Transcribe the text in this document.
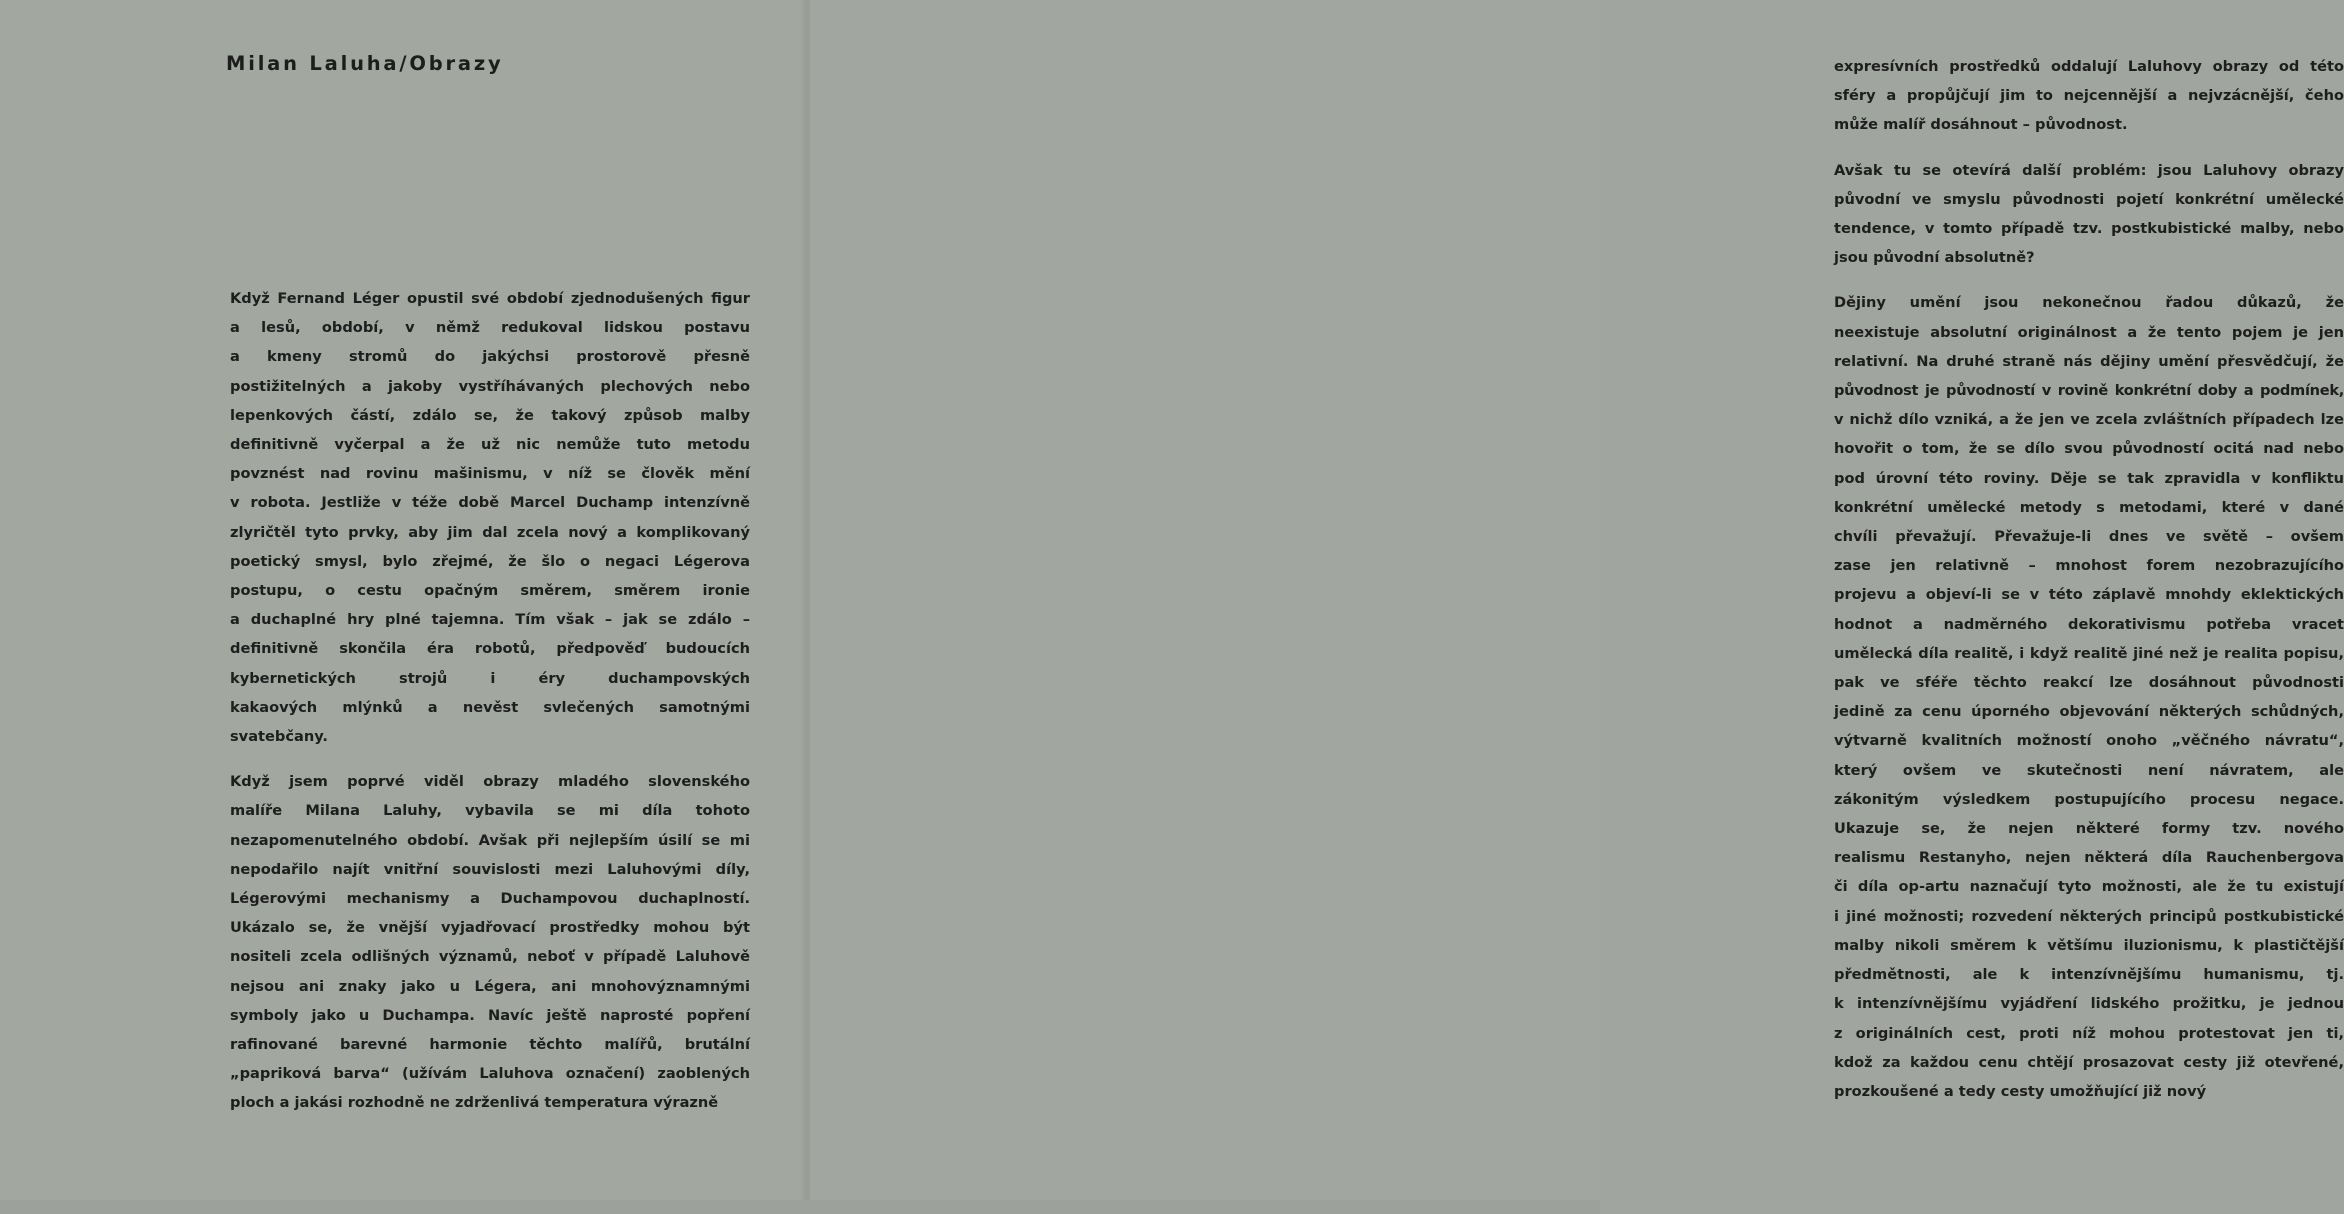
Milan Laluha/Obrazy

Když Fernand Léger opustil své období zjednodušených figur
a lesů, období, v němž redukoval lidskou postavu
a kmeny stromů do jakýchsi prostorově přesně
postižitelných a jakoby vystříhávaných plechových nebo
lepenkových částí, zdálo se, že takový způsob malby
definitivně vyčerpal a že už nic nemůže tuto metodu
povznést nad rovinu mašinismu, v níž se člověk mění
v robota. Jestliže v téže době Marcel Duchamp intenzívně
zlyričtěl tyto prvky, aby jim dal zcela nový a komplikovaný
poetický smysl, bylo zřejmé, že šlo o negaci Légerova
postupu, o cestu opačným směrem, směrem ironie
a duchaplné hry plné tajemna. Tím však – jak se zdálo –
definitivně skončila éra robotů, předpověď budoucích
kybernetických strojů i éry duchampovských
kakaových mlýnků a nevěst svlečených samotnými
svatebčany.

Když jsem poprvé viděl obrazy mladého slovenského
malíře Milana Laluhy, vybavila se mi díla tohoto
nezapomenutelného období. Avšak při nejlepším úsilí se mi
nepodařilo najít vnitřní souvislosti mezi Laluhovými díly,
Légerovými mechanismy a Duchampovou duchaplností.
Ukázalo se, že vnější vyjadřovací prostředky mohou být
nositeli zcela odlišných významů, neboť v případě Laluhově
nejsou ani znaky jako u Légera, ani mnohovýznamnými
symboly jako u Duchampa. Navíc ještě naprosté popření
rafinované barevné harmonie těchto malířů, brutální
„papriková barva“ (užívám Laluhova označení) zaoblených
ploch a jakási rozhodně ne zdrženlivá temperatura výrazně

expresívních prostředků oddalují Laluhovy obrazy od této
sféry a propůjčují jim to nejcennější a nejvzácnější, čeho
může malíř dosáhnout – původnost.

Avšak tu se otevírá další problém: jsou Laluhovy obrazy
původní ve smyslu původnosti pojetí konkrétní umělecké
tendence, v tomto případě tzv. postkubistické malby, nebo
jsou původní absolutně?

Dějiny umění jsou nekonečnou řadou důkazů, že
neexistuje absolutní originálnost a že tento pojem je jen
relativní. Na druhé straně nás dějiny umění přesvědčují, že
původnost je původností v rovině konkrétní doby a podmínek,
v nichž dílo vzniká, a že jen ve zcela zvláštních případech lze
hovořit o tom, že se dílo svou původností ocitá nad nebo
pod úrovní této roviny. Děje se tak zpravidla v konfliktu
konkrétní umělecké metody s metodami, které v dané
chvíli převažují. Převažuje-li dnes ve světě – ovšem
zase jen relativně – mnohost forem nezobrazujícího
projevu a objeví-li se v této záplavě mnohdy eklektických
hodnot a nadměrného dekorativismu potřeba vracet
umělecká díla realitě, i když realitě jiné než je realita popisu,
pak ve sféře těchto reakcí lze dosáhnout původnosti
jedině za cenu úporného objevování některých schůdných,
výtvarně kvalitních možností onoho „věčného návratu“,
který ovšem ve skutečnosti není návratem, ale
zákonitým výsledkem postupujícího procesu negace.
Ukazuje se, že nejen některé formy tzv. nového
realismu Restanyho, nejen některá díla Rauchenbergova
či díla op-artu naznačují tyto možnosti, ale že tu existují
i jiné možnosti; rozvedení některých principů postkubistické
malby nikoli směrem k většímu iluzionismu, k plastičtější
předmětnosti, ale k intenzívnějšímu humanismu, tj.
k intenzívnějšímu vyjádření lidského prožitku, je jednou
z originálních cest, proti níž mohou protestovat jen ti,
kdož za každou cenu chtějí prosazovat cesty již otevřené,
prozkoušené a tedy cesty umožňující již nový
